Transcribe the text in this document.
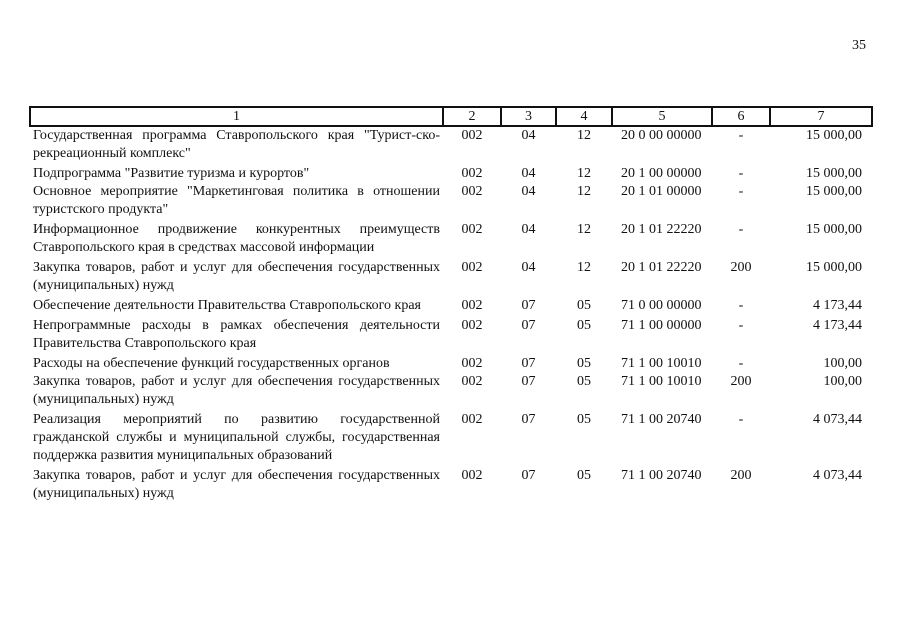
35
1	2	3	4	5	6	7
Государственная программа Ставропольского края "Турист-ско-рекреационный комплекс"	002	04	12	20 0 00 00000	-	15 000,00
Подпрограмма "Развитие туризма и курортов"	002	04	12	20 1 00 00000	-	15 000,00
Основное мероприятие "Маркетинговая политика в отношении туристского продукта"	002	04	12	20 1 01 00000	-	15 000,00
Информационное продвижение конкурентных преимуществ Ставропольского края в средствах массовой информации	002	04	12	20 1 01 22220	-	15 000,00
Закупка товаров, работ и услуг для обеспечения государственных (муниципальных) нужд	002	04	12	20 1 01 22220	200	15 000,00
Обеспечение деятельности Правительства Ставропольского края	002	07	05	71 0 00 00000	-	4 173,44
Непрограммные расходы в рамках обеспечения деятельности Правительства Ставропольского края	002	07	05	71 1 00 00000	-	4 173,44
Расходы на обеспечение функций государственных органов	002	07	05	71 1 00 10010	-	100,00
Закупка товаров, работ и услуг для обеспечения государственных (муниципальных) нужд	002	07	05	71 1 00 10010	200	100,00
Реализация мероприятий по развитию государственной гражданской службы и муниципальной службы, государственная поддержка развития муниципальных образований	002	07	05	71 1 00 20740	-	4 073,44
Закупка товаров, работ и услуг для обеспечения государственных (муниципальных) нужд	002	07	05	71 1 00 20740	200	4 073,44
